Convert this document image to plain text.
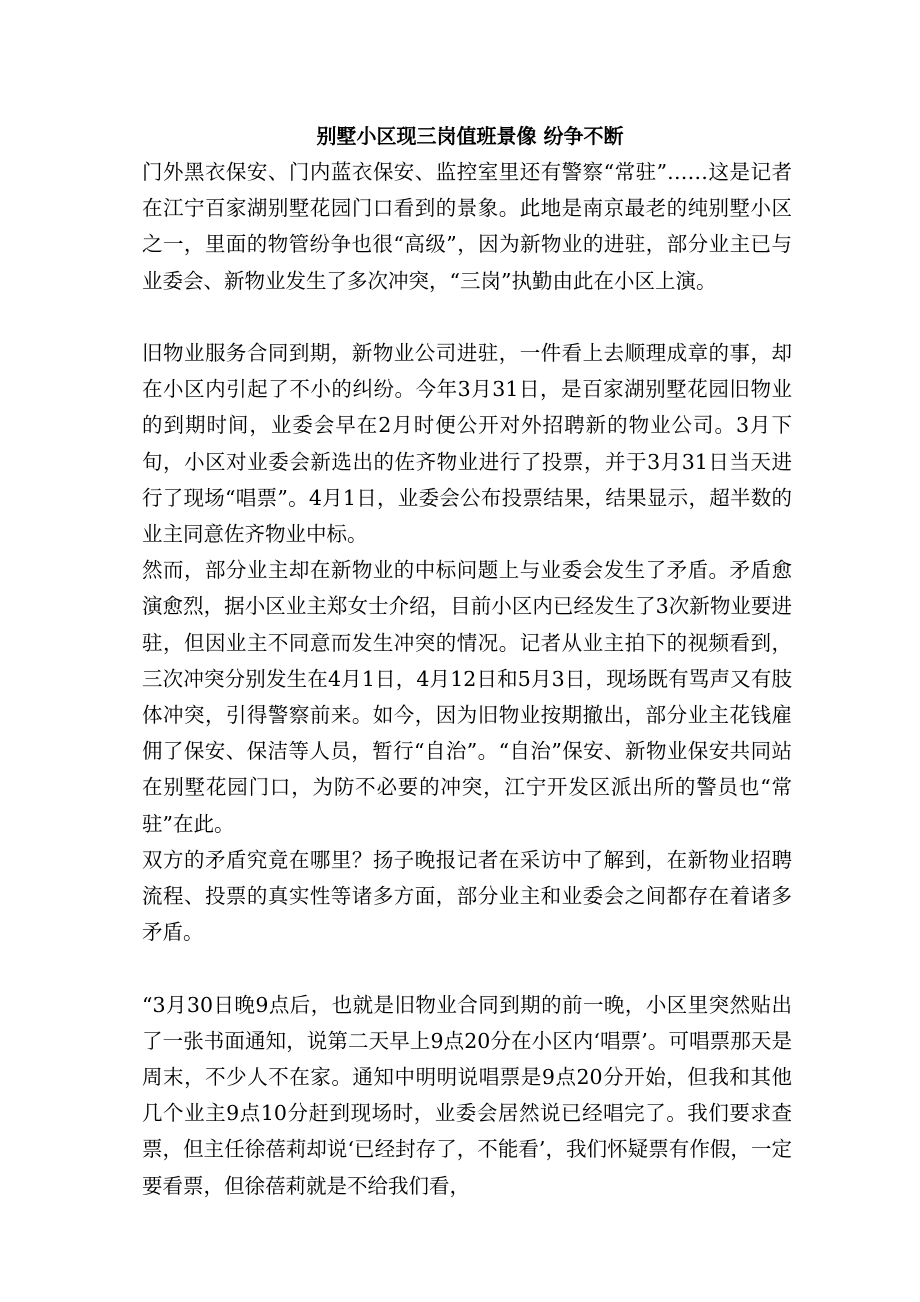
别墅小区现三岗值班景像 纷争不断

门外黑衣保安、门内蓝衣保安、监控室里还有警察“常驻”……这是记者在江宁百家湖别墅花园门口看到的景象。此地是南京最老的纯别墅小区之一，里面的物管纷争也很“高级”，因为新物业的进驻，部分业主已与业委会、新物业发生了多次冲突，“三岗”执勤由此在小区上演。

旧物业服务合同到期，新物业公司进驻，一件看上去顺理成章的事，却在小区内引起了不小的纠纷。今年3月31日，是百家湖别墅花园旧物业的到期时间，业委会早在2月时便公开对外招聘新的物业公司。3月下旬，小区对业委会新选出的佐齐物业进行了投票，并于3月31日当天进行了现场“唱票”。4月1日，业委会公布投票结果，结果显示，超半数的业主同意佐齐物业中标。

然而，部分业主却在新物业的中标问题上与业委会发生了矛盾。矛盾愈演愈烈，据小区业主郑女士介绍，目前小区内已经发生了3次新物业要进驻，但因业主不同意而发生冲突的情况。记者从业主拍下的视频看到，三次冲突分别发生在4月1日，4月12日和5月3日，现场既有骂声又有肢体冲突，引得警察前来。如今，因为旧物业按期撤出，部分业主花钱雇佣了保安、保洁等人员，暂行“自治”。“自治”保安、新物业保安共同站在别墅花园门口，为防不必要的冲突，江宁开发区派出所的警员也“常驻”在此。

双方的矛盾究竟在哪里？扬子晚报记者在采访中了解到，在新物业招聘流程、投票的真实性等诸多方面，部分业主和业委会之间都存在着诸多矛盾。

“3月30日晚9点后，也就是旧物业合同到期的前一晚，小区里突然贴出了一张书面通知，说第二天早上9点20分在小区内‘唱票’。可唱票那天是周末，不少人不在家。通知中明明说唱票是9点20分开始，但我和其他几个业主9点10分赶到现场时，业委会居然说已经唱完了。我们要求查票，但主任徐蓓莉却说‘已经封存了，不能看’，我们怀疑票有作假，一定要看票，但徐蓓莉就是不给我们看，
